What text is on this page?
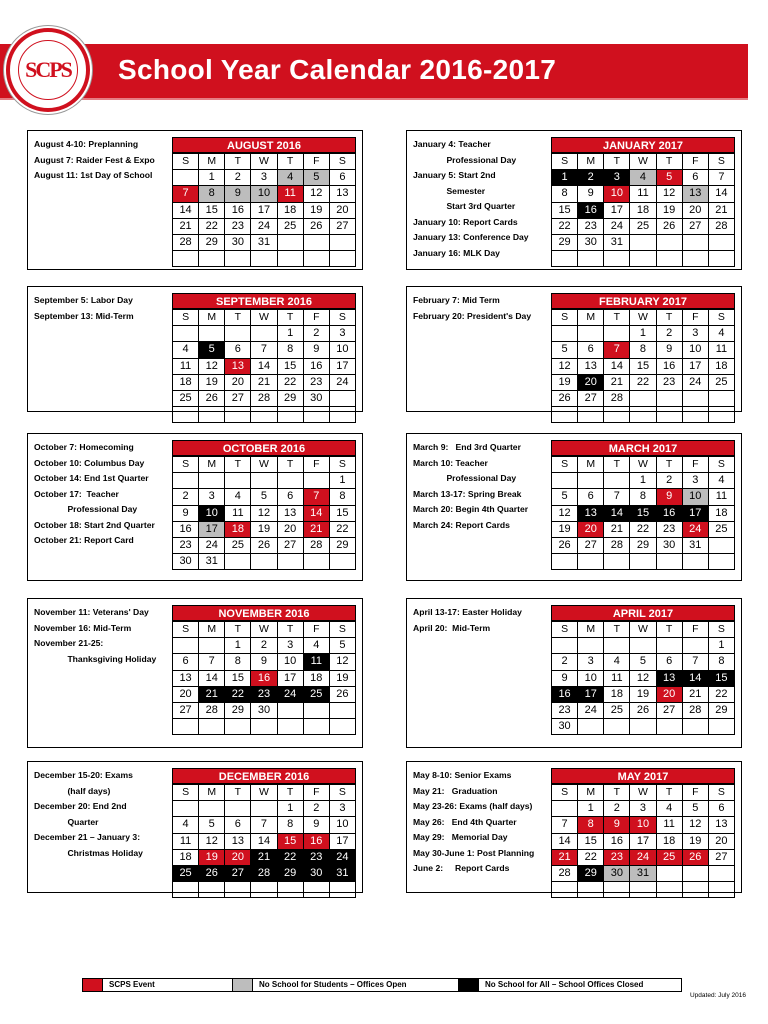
SCPS School Year Calendar 2016-2017
August 4-10: Preplanning
August 7: Raider Fest & Expo
August 11: 1st Day of School
AUGUST 2016
S	M	T	W	T	F	S
	1	2	3	4	5	6
7	8	9	10	11	12	13
14	15	16	17	18	19	20
21	22	23	24	25	26	27
28	29	30	31			

January 4: Teacher
Professional Day
January 5: Start 2nd
Semester
Start 3rd Quarter
January 10: Report Cards
January 13: Conference Day
January 16: MLK Day
JANUARY 2017
S	M	T	W	T	F	S
1	2	3	4	5	6	7
8	9	10	11	12	13	14
15	16	17	18	19	20	21
22	23	24	25	26	27	28
29	30	31				

September 5: Labor Day
September 13: Mid-Term
SEPTEMBER 2016
S	M	T	W	T	F	S
				1	2	3
4	5	6	7	8	9	10
11	12	13	14	15	16	17
18	19	20	21	22	23	24
25	26	27	28	29	30	

February 7: Mid Term
February 20: President's Day
FEBRUARY 2017
S	M	T	W	T	F	S
			1	2	3	4
5	6	7	8	9	10	11
12	13	14	15	16	17	18
19	20	21	22	23	24	25
26	27	28				

October 7: Homecoming
October 10: Columbus Day
October 14: End 1st Quarter
October 17:  Teacher
Professional Day
October 18: Start 2nd Quarter
October 21: Report Card
OCTOBER 2016
S	M	T	W	T	F	S
						1
2	3	4	5	6	7	8
9	10	11	12	13	14	15
16	17	18	19	20	21	22
23	24	25	26	27	28	29
30	31					
March 9:   End 3rd Quarter
March 10: Teacher
Professional Day
March 13-17: Spring Break
March 20: Begin 4th Quarter
March 24: Report Cards
MARCH 2017
S	M	T	W	T	F	S
			1	2	3	4
5	6	7	8	9	10	11
12	13	14	15	16	17	18
19	20	21	22	23	24	25
26	27	28	29	30	31	

November 11: Veterans' Day
November 16: Mid-Term
November 21-25:
Thanksgiving Holiday
NOVEMBER 2016
S	M	T	W	T	F	S
		1	2	3	4	5
6	7	8	9	10	11	12
13	14	15	16	17	18	19
20	21	22	23	24	25	26
27	28	29	30			

April 13-17: Easter Holiday
April 20:  Mid-Term
APRIL 2017
S	M	T	W	T	F	S
						1
2	3	4	5	6	7	8
9	10	11	12	13	14	15
16	17	18	19	20	21	22
23	24	25	26	27	28	29
30						
December 15-20: Exams
(half days)
December 20: End 2nd
Quarter
December 21 – January 3:
Christmas Holiday
DECEMBER 2016
S	M	T	W	T	F	S
				1	2	3
4	5	6	7	8	9	10
11	12	13	14	15	16	17
18	19	20	21	22	23	24
25	26	27	28	29	30	31

May 8-10: Senior Exams
May 21:   Graduation
May 23-26: Exams (half days)
May 26:   End 4th Quarter
May 29:   Memorial Day
May 30-June 1: Post Planning
June 2:     Report Cards
MAY 2017
S	M	T	W	T	F	S
	1	2	3	4	5	6
7	8	9	10	11	12	13
14	15	16	17	18	19	20
21	22	23	24	25	26	27
28	29	30	31			

SCPS Event	No School for Students – Offices Open	No School for All – School Offices Closed
Updated: July 2016
